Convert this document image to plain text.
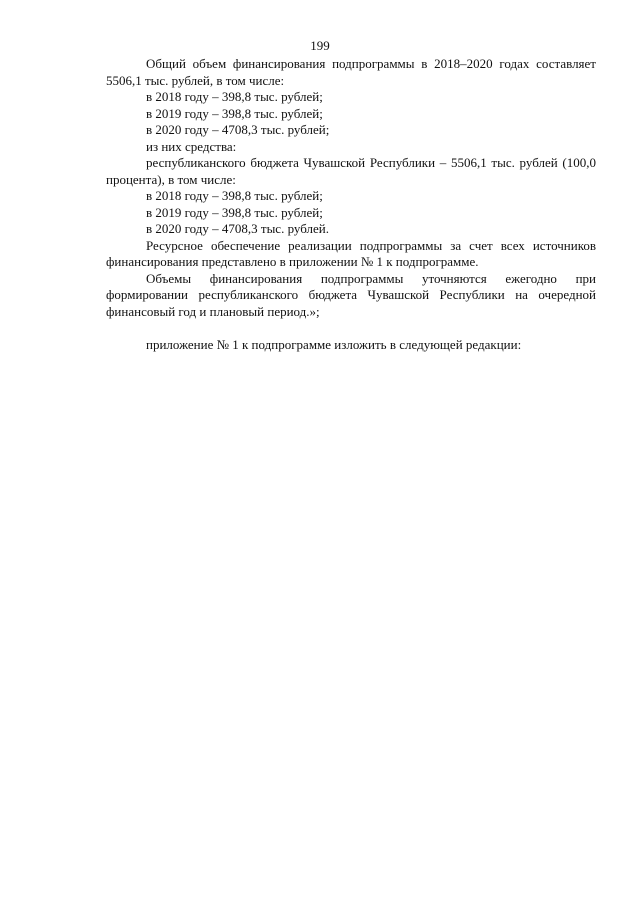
199

Общий объем финансирования подпрограммы в 2018–2020 годах составляет 5506,1 тыс. рублей, в том числе:

в 2018 году – 398,8 тыс. рублей;

в 2019 году – 398,8 тыс. рублей;

в 2020 году – 4708,3 тыс. рублей;

из них средства:

республиканского бюджета Чувашской Республики – 5506,1 тыс. рублей (100,0 процента), в том числе:

в 2018 году – 398,8 тыс. рублей;

в 2019 году – 398,8 тыс. рублей;

в 2020 году – 4708,3 тыс. рублей.

Ресурсное обеспечение реализации подпрограммы за счет всех источников финансирования представлено в приложении № 1 к подпрограмме.

Объемы финансирования подпрограммы уточняются ежегодно при формировании республиканского бюджета Чувашской Республики на очередной финансовый год и плановый период.»;

приложение № 1 к подпрограмме изложить в следующей редакции:
